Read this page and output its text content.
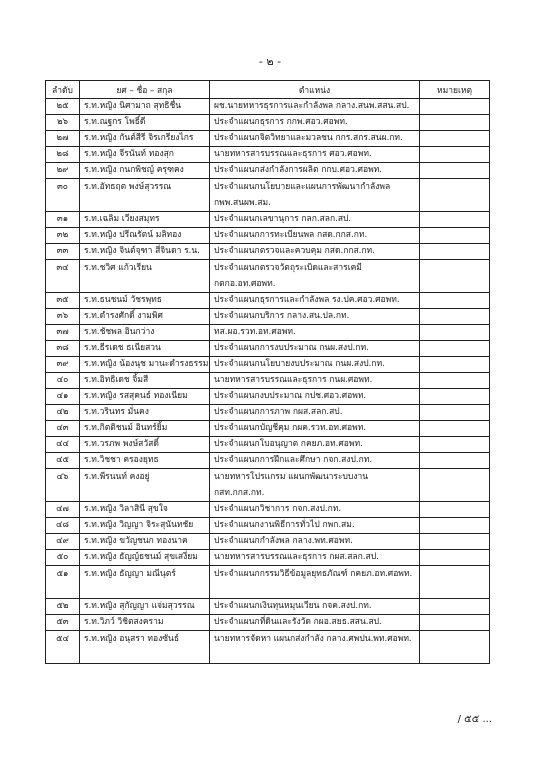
- ๒ -
ลำดับ	ยศ – ชื่อ – สกุล	ตำแหน่ง	หมายเหตุ
๒๕	ร.ท.หญิง นิศามาถ สุทธิชื่น	ผช.นายทหารธุรการและกำลังพล กลาง.สนพ.สสน.สป.	
๒๖	ร.ท.ณฐกร โพธิ์ดี	ประจำแผนกธุรการ กกพ.ศอว.ศอพท.	
๒๗	ร.ท.หญิง กันต์สีรี จิรเกรียงไกร	ประจำแผนกจิตวิทยาและมวลชน กกร.สกร.สนผ.กท.	
๒๘	ร.ท.หญิง จีรนันท์ ทองสุก	นายทหารสารบรรณและธุรการ ศอว.ศอพท.	
๒๙	ร.ท.หญิง กนกพิชญ์ ครุฑคง	ประจำแผนกส่งกำลังการผลิต กกบ.ศอว.ศอพท.	
๓๐	ร.ท.อัทธฤต พงษ์สุวรรณ	ประจำแผนกนโยบายและแผนการพัฒนากำลังพล กพพ.สนผพ.สม.	
๓๑	ร.ท.เฉลิม เวียงสมุทร	ประจำแผนกเลขานุการ กลก.สลก.สป.	
๓๒	ร.ท.หญิง ปรีณรัตน์ มลิทอง	ประจำแผนกการทะเบียนพล กสด.กกส.กท.	
๓๓	ร.ท.หญิง จินต์จุฑา สี่จินดา ร.น.	ประจำแผนกตรวจและควบคุม กสด.กกส.กท.	
๓๔	ร.ท.ชวิศ แก้วเรียน	ประจำแผนกตรวจวัตถุระเบิดและสารเคมี กตกอ.อท.ศอพท.	
๓๕	ร.ท.ธนชนม์ วัชรพุทธ	ประจำแผนกธุรการและกำลังพล รง.ปค.ศอว.ศอพท.	
๓๖	ร.ท.ดำรงศักดิ์ งามพิศ	ประจำแผนกบริการ กลาง.สน.ปล.กท.	
๓๗	ร.ท.ชัชพล อินกว่าง	ทส.ผอ.รวท.อท.ศอพท.	
๓๘	ร.ท.ธีรเดช ธเนียสวน	ประจำแผนกการงบประมาณ กนผ.สงป.กท.	
๓๙	ร.ท.หญิง น้องนุช มานะดำรงธรรม	ประจำแผนกนโยบายงบประมาณ กนผ.สงป.กท.	
๔๐	ร.ท.อิทธิเดช จิ้มสี	นายทหารสารบรรณและธุรการ กนผ.ศอพท.	
๔๑	ร.ท.หญิง รสสุคนธ์ ทองเนียม	ประจำแผนกงบประมาณ กปช.ศอว.ศอพท.	
๔๒	ร.ท.วรินทร มั่นคง	ประจำแผนกการภาพ กผส.สลก.สป.	
๔๓	ร.ท.กิตติชนม์ อินทร์ยิ้ม	ประจำแผนกบัญชีคุม กผค.รวท.อท.ศอพท.	
๔๔	ร.ท.วรภพ พงษ์สวัสดิ์	ประจำแผนกโบอนุญาต กคยภ.อท.ศอพท.	
๔๕	ร.ท.วิชชา ครองยุทธ	ประจำแผนกการฝึกและศึกษา กจก.สงป.กท.	
๔๖	ร.ท.พีรนนท์ คงอยู่	นายทหารโปรแกรม แผนกพัฒนาระบบงาน กสท.กกส.กท.	
๔๗	ร.ท.หญิง วิลาสินี สุขใจ	ประจำแผนกวิชาการ กจก.สงป.กท.	
๔๘	ร.ท.หญิง วิญญา จิระสุนันทชัย	ประจำแผนกงานพิธีการทั่วไป กพก.สม.	
๔๙	ร.ท.หญิง ขวัญชนก ทองนาค	ประจำแผนกกำลังพล กลาง.พท.ศอพท.	
๕๐	ร.ท.หญิง ธัญญ์ธชนม์ สุขเสงี่ยม	นายทหารสารบรรณและธุรการ กผส.สลก.สป.	
๕๑	ร.ท.หญิง ธัญญา มณีนุตร์	ประจำแผนกกรรมวิธีข้อมูลยุทธภัณฑ์ กคยภ.อท.ศอพท.	
๕๒	ร.ท.หญิง สุกัญญา แจ่มสุวรรณ	ประจำแผนกเงินทุนหมุนเวียน กจค.สงป.กท.	
๕๓	ร.ท.วิภว์ วิชิตสงคราม	ประจำแผนกที่ดินและรังวัด กผอ.สยธ.สสน.สป.	
๕๔	ร.ท.หญิง อนุสรา ทองซันธ์	นายทหารจัดหา แผนกส่งกำลัง กลาง.ศพปน.พท.ศอพท.	
/ ๕๕ ...
